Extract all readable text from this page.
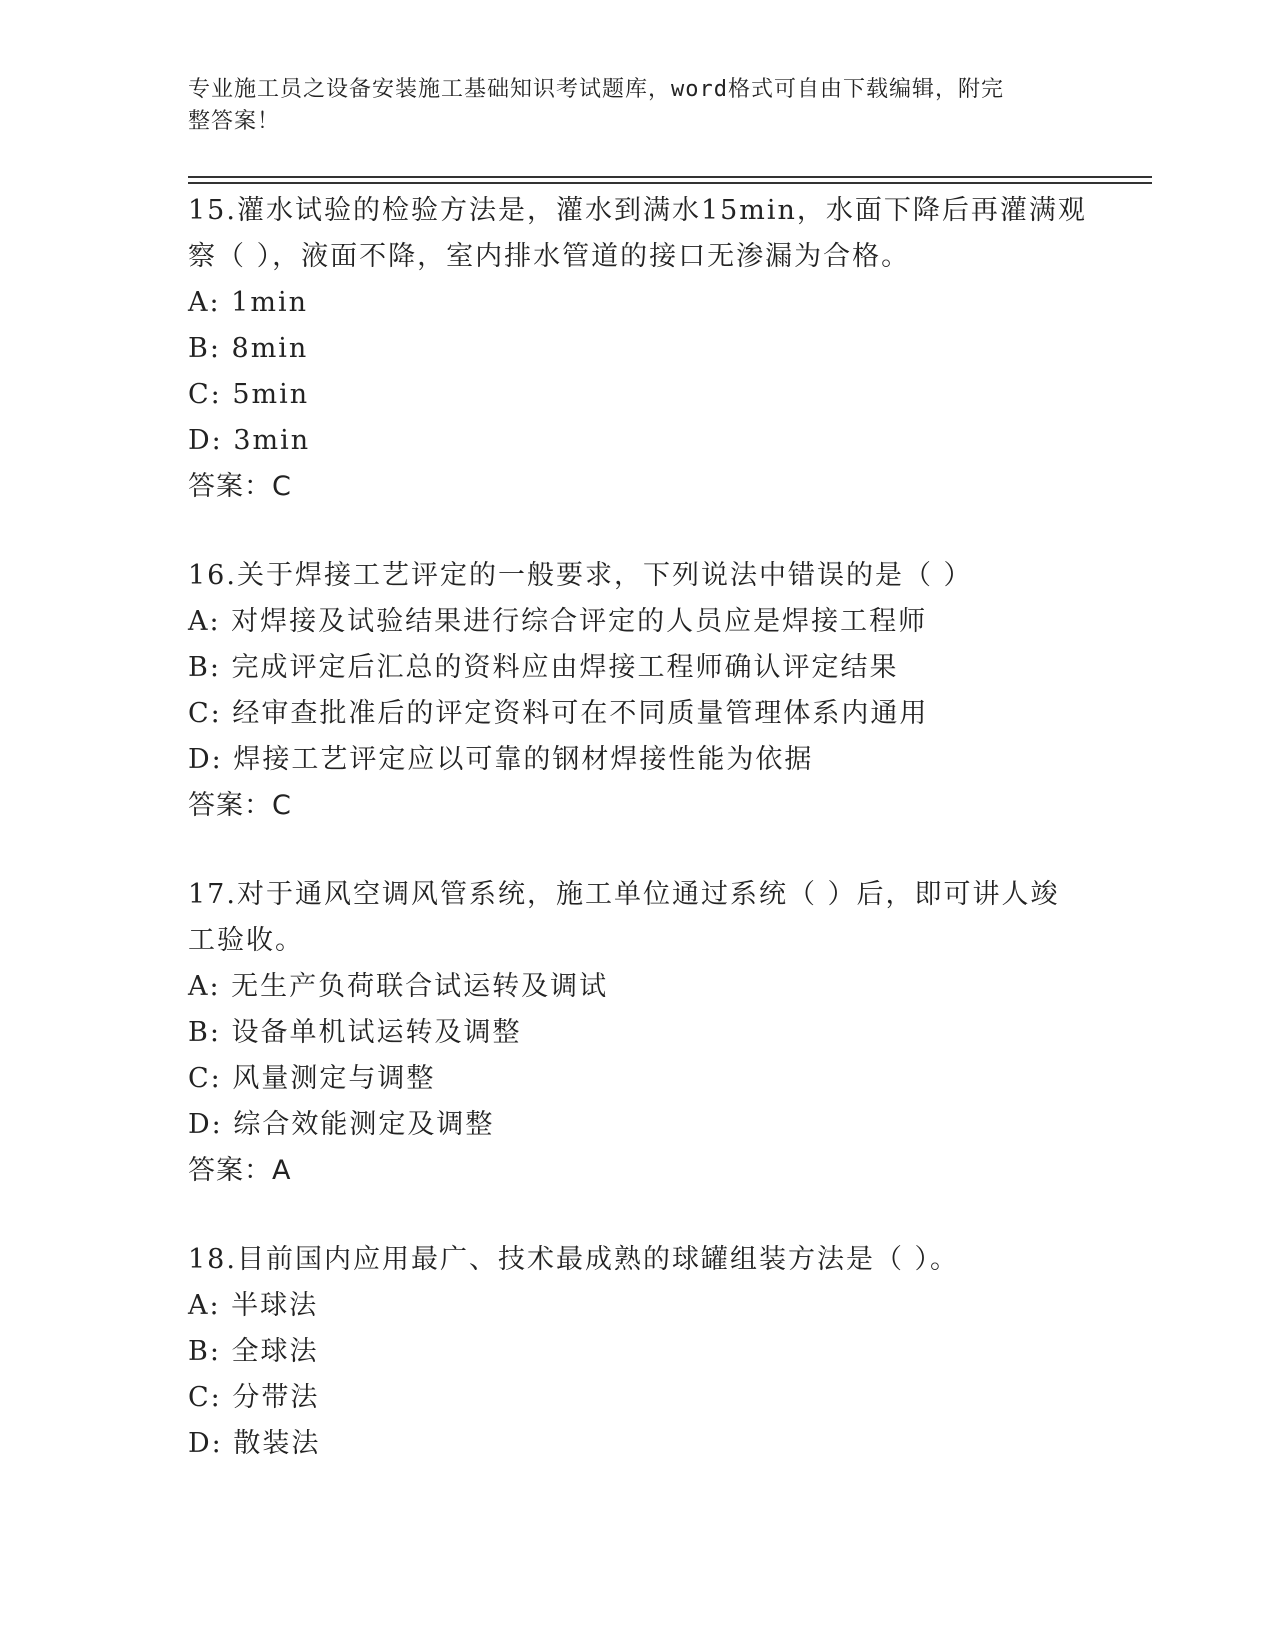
专业施工员之设备安装施工基础知识考试题库，word格式可自由下载编辑，附完
整答案！
15.灌水试验的检验方法是，灌水到满水15min，水面下降后再灌满观
察（ ），液面不降，室内排水管道的接口无渗漏为合格。
A: 1min
B: 8min
C: 5min
D: 3min
答案：C
16.关于焊接工艺评定的一般要求，下列说法中错误的是（ ）
A: 对焊接及试验结果进行综合评定的人员应是焊接工程师
B: 完成评定后汇总的资料应由焊接工程师确认评定结果
C: 经审查批准后的评定资料可在不同质量管理体系内通用
D: 焊接工艺评定应以可靠的钢材焊接性能为依据
答案：C
17.对于通风空调风管系统，施工单位通过系统（ ）后，即可讲人竣
工验收。
A: 无生产负荷联合试运转及调试
B: 设备单机试运转及调整
C: 风量测定与调整
D: 综合效能测定及调整
答案：A
18.目前国内应用最广、技术最成熟的球罐组装方法是（ ）。
A: 半球法
B: 全球法
C: 分带法
D: 散装法
